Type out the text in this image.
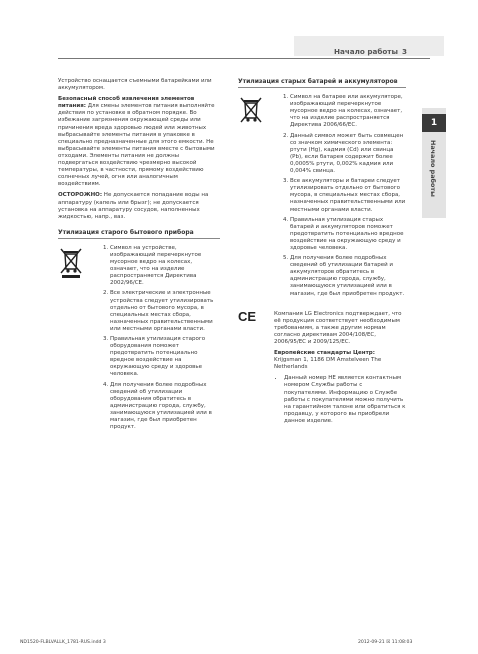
Начало работы 3
1
Начало работы

Устройство оснащается съемными батарейками или аккумулятором.

Безопасный способ извлечения элементов питания: Для смены элементов питания выполняйте действия по установке в обратном порядке. Во избежание загрязнения окружающей среды или причинения вреда здоровью людей или животных выбрасывайте элементы питания в упаковке в специально предназначенные для этого емкости. Не выбрасывайте элементы питания вместе с бытовыми отходами. Элементы питания не должны подвергаться воздействию чрезмерно высокой температуры, в частности, прямому воздействию солнечных лучей, огня или аналогичным воздействиям.

ОСТОРОЖНО: Не допускается попадание воды на аппаратуру (капель или брызг); не допускается установка на аппаратуру сосудов, наполненных жидкостью, напр., ваз.

Утилизация старого бытового прибора
1. Символ на устройстве, изображающий перечеркнутое мусорное ведро на колесах, означает, что на изделие распространяется Директива 2002/96/CE.
2. Все электрические и электронные устройства следует утилизировать отдельно от бытового мусора, в специальных местах сбора, назначенных правительственными или местными органами власти.
3. Правильная утилизация старого оборудования поможет предотвратить потенциально вредное воздействие на окружающую среду и здоровье человека.
4. Для получения более подробных сведений об утилизации оборудования обратитесь в администрацию города, службу, занимающуюся утилизацией или в магазин, где был приобретен продукт.
Утилизация старых батарей и аккумуляторов
1. Символ на батарее или аккумуляторе, изображающий перечеркнутое мусорное ведро на колесах, означает, что на изделие распространяется Директива 2006/66/EC.
2. Данный символ может быть совмещен со значком химического элемента: ртути (Hg), кадмия (Cd) или свинца (Pb), если батарея содержит более 0,0005% ртути, 0,002% кадмия или 0,004% свинца.
3. Все аккумуляторы и батареи следует утилизировать отдельно от бытового мусора, в специальных местах сбора, назначенных правительственными или местными органами власти.
4. Правильная утилизация старых батарей и аккумуляторов поможет предотвратить потенциально вредное воздействие на окружающую среду и здоровье человека.
5. Для получения более подробных сведений об утилизации батарей и аккумуляторов обратитесь в администрацию города, службу, занимающуюся утилизацией или в магазин, где был приобретен продукт.
CE	Компания LG Electronics подтверждает, что её продукция соответствует необходимым требованиям, а также другим нормам согласно директивам 2004/108/EC, 2006/95/EC и 2009/125/EC.

Европейские стандарты Центр:

Krijgsman 1, 1186 DM Amstelveen The Netherlands

• Данный номер НЕ является контактным номером Службы работы с покупателями. Информацию о Службе работы с покупателями можно получить на гарантийном талоне или обратиться к продавцу, у которого вы приобрели данное изделие.
ND1520-FLBLVALLK_1781-RUS.indd 3	2012-09-21 ☒ 11:08:03
